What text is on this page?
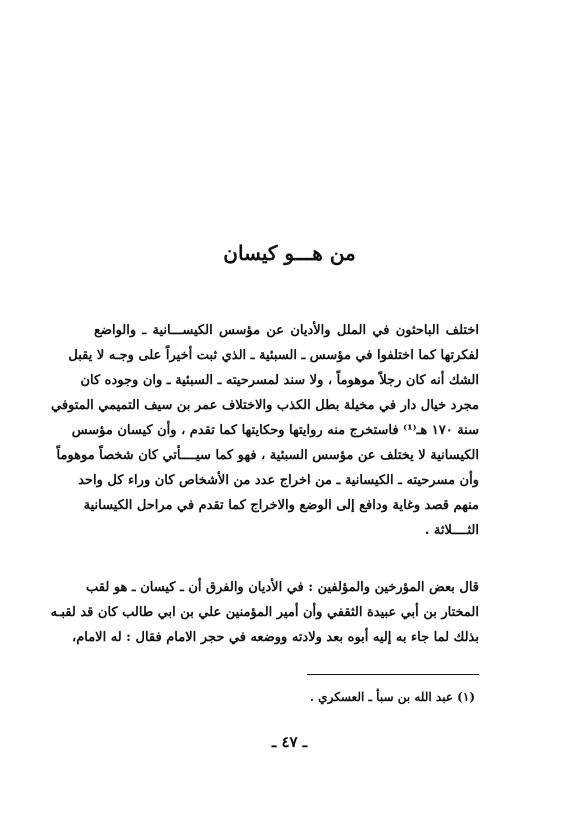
من هـــو كيسان
اختلف الباحثون في الملل والأديان عن مؤسس الكيســـانية ـ والواضع
لفكرتها كما اختلفوا في مؤسس ـ السبئية ـ الذي ثبت أخيراً على وجـه لا يقبل
الشك أنه كان رجلاً موهوماً ، ولا سند لمسرحيته ـ السبئية ـ وان وجوده كان
مجرد خيال دار في مخيلة بطل الكذب والاختلاف عمر بن سيف التميمي المتوفي
سنة ١٧٠ هـ⁽¹⁾ فاستخرج منه روايتها وحكايتها كما تقدم ، وأن كيسان مؤسس
الكيسانية لا يختلف عن مؤسس السبئية ، فهو كما سيــــأتي كان شخصاً موهوماً
وأن مسرحيته ـ الكيسانية ـ من اخراج عدد من الأشخاص كان وراء كل واحد
منهم قصد وغاية ودافع إلى الوضع والاخراج كما تقدم في مراحل الكيسانية
الثــــلاثة .
قال بعض المؤرخين والمؤلفين : في الأديان والفرق أن ـ كيسان ـ هو لقب
المختار بن أبي عبيدة الثقفي وأن أمير المؤمنين علي بن ابي طالب كان قد لقبـه
بذلك لما جاء به إليه أبوه بعد ولادته ووضعه في حجر الامام فقال : له الامام،

(١) عبد الله بن سبأ ـ العسكري .

ـ ٤٧ ـ
